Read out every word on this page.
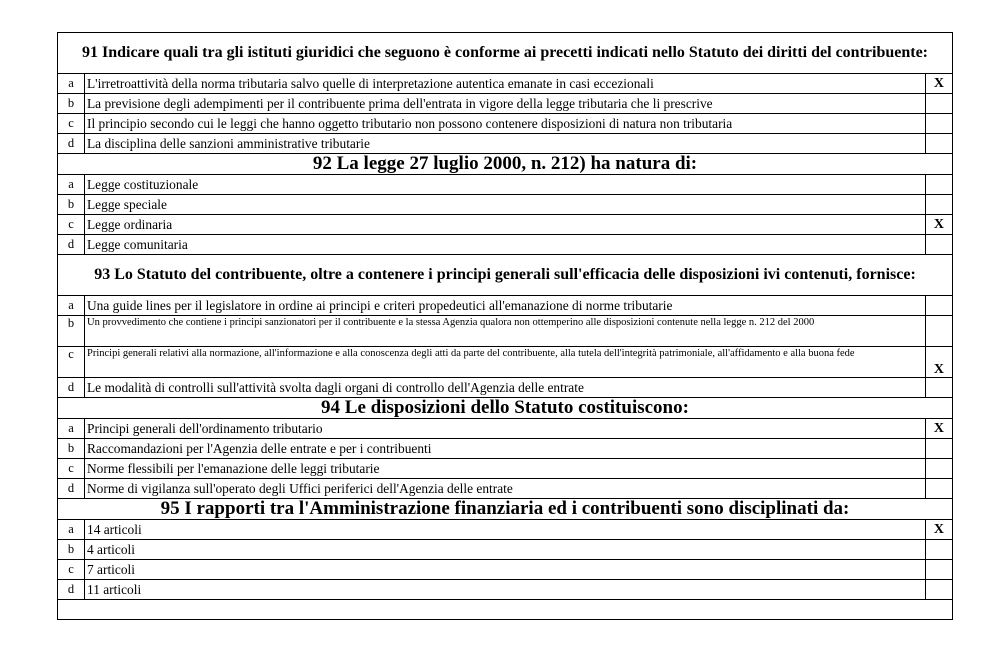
91 Indicare quali tra gli istituti giuridici che seguono è conforme ai precetti indicati nello Statuto dei diritti del contribuente:		
a	L'irretroattività della norma tributaria salvo quelle di interpretazione autentica emanate in casi eccezionali	X
b	La previsione degli adempimenti per il contribuente prima dell'entrata in vigore della legge tributaria che li prescrive	
c	Il principio secondo cui le leggi che hanno oggetto tributario non possono contenere disposizioni di natura non tributaria	
d	La disciplina delle sanzioni amministrative tributarie	
92 La legge 27 luglio 2000, n. 212) ha natura di:		
a	Legge costituzionale	
b	Legge speciale	
c	Legge ordinaria	X
d	Legge comunitaria	
93 Lo Statuto del contribuente, oltre a contenere i principi generali sull'efficacia delle disposizioni ivi contenuti, fornisce:		
a	Una guide lines per il legislatore in ordine ai principi e criteri propedeutici all'emanazione di norme tributarie	
b	Un provvedimento che contiene i principi sanzionatori per il contribuente e la stessa Agenzia qualora non ottemperino alle disposizioni contenute nella legge n. 212 del 2000	
c	Principi generali relativi alla normazione, all'informazione e alla conoscenza degli atti da parte del contribuente, alla tutela dell'integrità patrimoniale, all'affidamento e alla buona fede	X
d	Le modalità di controlli sull'attività svolta dagli organi di controllo dell'Agenzia delle entrate	
94 Le disposizioni dello Statuto costituiscono:		
a	Principi generali dell'ordinamento tributario	X
b	Raccomandazioni per l'Agenzia delle entrate e per i contribuenti	
c	Norme flessibili per l'emanazione delle leggi tributarie	
d	Norme di vigilanza sull'operato degli Uffici periferici dell'Agenzia delle entrate	
95 I rapporti tra l'Amministrazione finanziaria ed i contribuenti sono disciplinati da:		
a	14 articoli	X
b	4 articoli	
c	7 articoli	
d	11 articoli	
